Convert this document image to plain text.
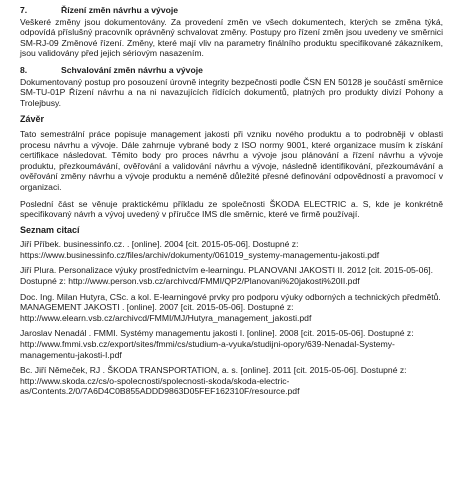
7.	Řízení změn návrhu a vývoje

Veškeré změny jsou dokumentovány. Za provedení změn ve všech dokumentech, kterých se změna týká, odpovídá příslušný pracovník oprávněný schvalovat změny. Postupy pro řízení změn jsou uvedeny ve směrnici SM-RJ-09 Změnové řízení. Změny, které mají vliv na parametry finálního produktu specifikované zákazníkem, jsou validovány před jejich sériovým nasazením.

8.	Schvalování změn návrhu a vývoje

Dokumentovaný postup pro posouzení úrovně integrity bezpečnosti podle ČSN EN 50128 je součástí směrnice SM-TU-01P Řízení návrhu a na ni navazujících řídících dokumentů, platných pro produkty divizí Pohony a Trolejbusy.

Závěr

Tato semestrální práce popisuje management jakosti při vzniku nového produktu a to podrobněji v oblasti procesu návrhu a vývoje. Dále zahrnuje vybrané body z ISO normy 9001, které organizace musím k získání certifikace následovat. Těmito body pro proces návrhu a vývoje jsou plánování a řízení návrhu a vývoje produktu, přezkoumávání, ověřování a validování návrhu a vývoje, následně identifikování, přezkoumávání a ověřování změny návrhu a vývoje produktu a neméně důležité přesné definování odpovědností a pravomocí v organizaci.

Poslední část se věnuje praktickému příkladu ze společnosti ŠKODA ELECTRIC a. S, kde je konkrétně specifikovaný návrh a vývoj uvedený v příručce IMS dle směrnic, které ve firmě používají.

Seznam citací

Jiří Příbek. businessinfo.cz. . [online]. 2004 [cit. 2015-05-06]. Dostupné z: https://www.businessinfo.cz/files/archiv/dokumenty/061019_systemy-managementu-jakosti.pdf

Jiří Plura. Personalizace výuky prostřednictvím e-learningu. PLANOVANI JAKOSTI II. 2012 [cit. 2015-05-06]. Dostupné z: http://www.person.vsb.cz/archivcd/FMMI/QP2/Planovani%20jakosti%20II.pdf

Doc. Ing. Milan Hutyra, CSc. a kol. E-learningové prvky pro podporu výuky odborných a technických předmětů. MANAGEMENT JAKOSTI . [online]. 2007 [cit. 2015-05-06]. Dostupné z: http://www.elearn.vsb.cz/archivcd/FMMI/MJ/Hutyra_management_jakosti.pdf

Jaroslav Nenadál . FMMI. Systémy managementu jakosti I. [online]. 2008 [cit. 2015-05-06]. Dostupné z: http://www.fmmi.vsb.cz/export/sites/fmmi/cs/studium-a-vyuka/studijni-opory/639-Nenadal-Systemy-managementu-jakosti-I.pdf

Bc. Jiří Němeček, RJ . ŠKODA TRANSPORTATION, a. s. [online]. 2011 [cit. 2015-05-06]. Dostupné z: http://www.skoda.cz/cs/o-spolecnosti/spolecnosti-skoda/skoda-electric-as/Contents.2/0/7A6D4C0B855ADDD9863D05FEF162310F/resource.pdf
